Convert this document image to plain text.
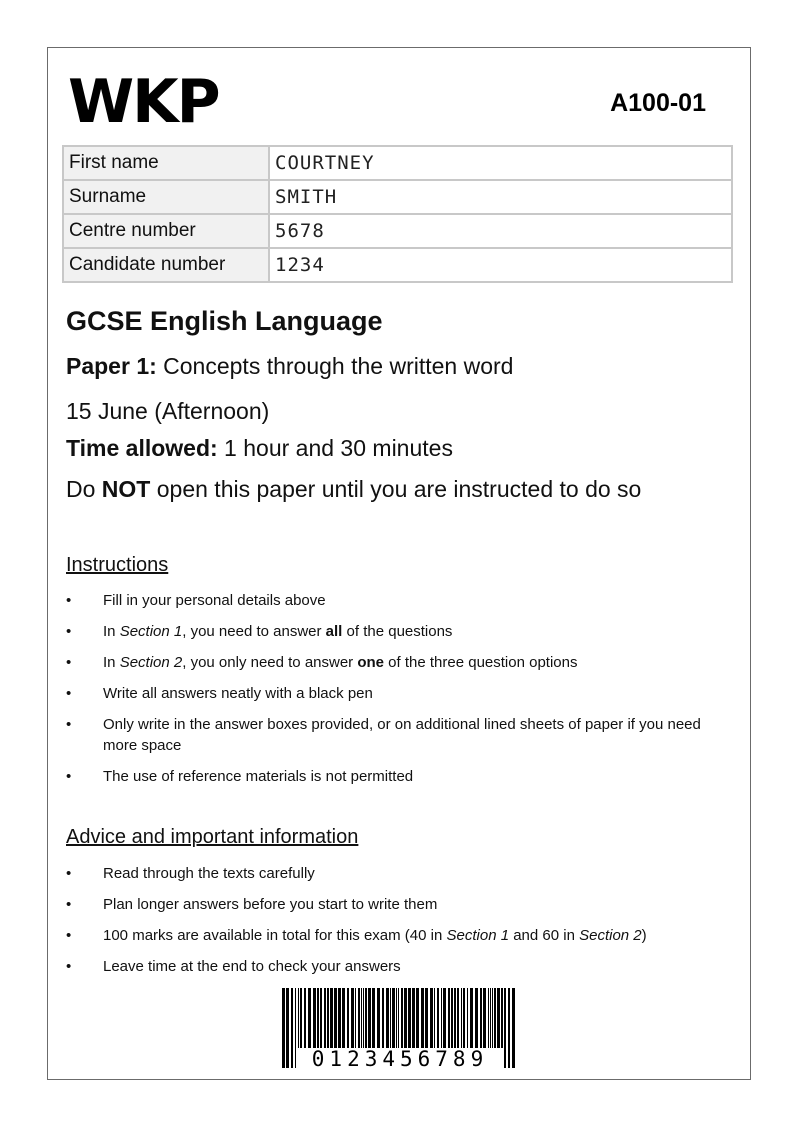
WKP	A100-01
First name	COURTNEY
Surname	SMITH
Centre number	5678
Candidate number	1234
GCSE English Language
Paper 1: Concepts through the written word
15 June (Afternoon)
Time allowed: 1 hour and 30 minutes
Do NOT open this paper until you are instructed to do so
Instructions
• Fill in your personal details above
• In Section 1, you need to answer all of the questions
• In Section 2, you only need to answer one of the three question options
• Write all answers neatly with a black pen
• Only write in the answer boxes provided, or on additional lined sheets of paper if you need more space
• The use of reference materials is not permitted
Advice and important information
• Read through the texts carefully
• Plan longer answers before you start to write them
• 100 marks are available in total for this exam (40 in Section 1 and 60 in Section 2)
• Leave time at the end to check your answers
0123456789
